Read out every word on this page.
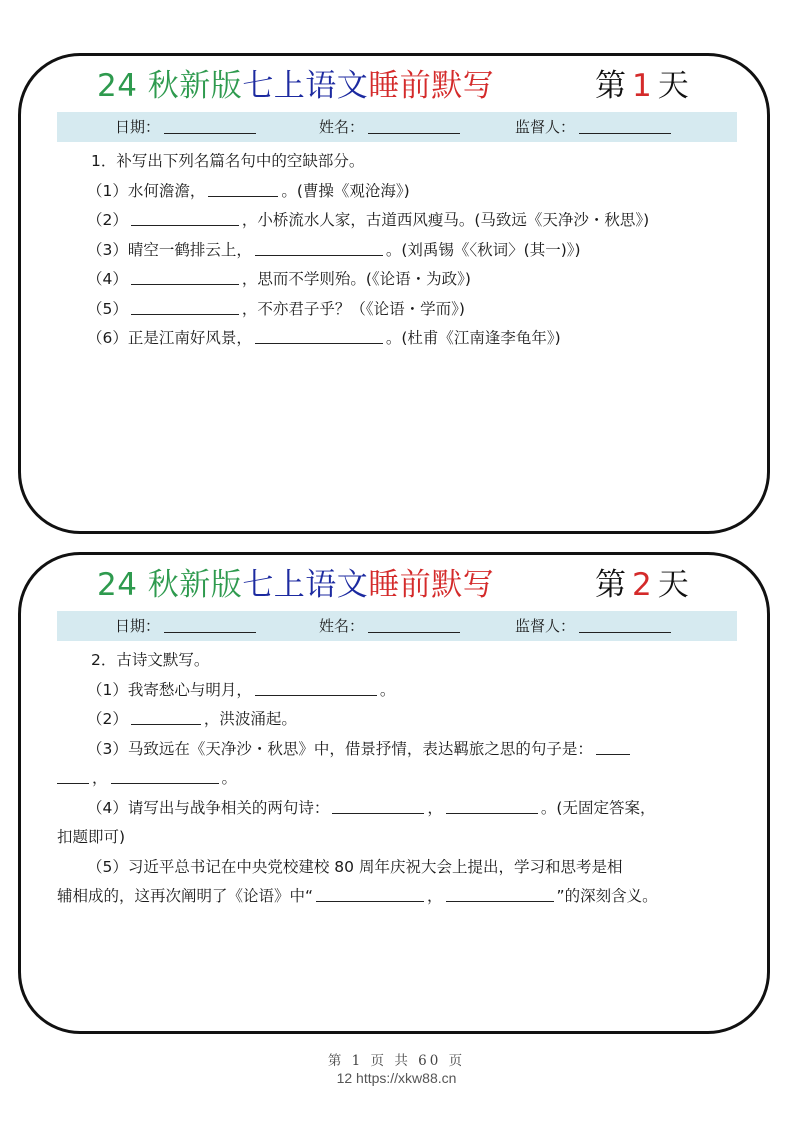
24 秋新版七上语文睡前默写	第 1 天
日期：	姓名：	监督人：
1．补写出下列名篇名句中的空缺部分。
（1）水何澹澹，	。(曹操《观沧海》)
（2）	，小桥流水人家，古道西风瘦马。(马致远《天净沙・秋思》)
（3）晴空一鹤排云上，	。(刘禹锡《〈秋词〉(其一)》)
（4）	，思而不学则殆。(《论语・为政》)
（5）	，不亦君子乎？（《论语・学而》)
（6）正是江南好风景，	。(杜甫《江南逢李龟年》)
24 秋新版七上语文睡前默写	第 2 天
日期：	姓名：	监督人：
2．古诗文默写。
（1）我寄愁心与明月，	。
（2）	，洪波涌起。
（3）马致远在《天净沙・秋思》中，借景抒情，表达羁旅之思的句子是：
，	。
（4）请写出与战争相关的两句诗：	，	。(无固定答案，
扣题即可)
（5）习近平总书记在中央党校建校 80 周年庆祝大会上提出，学习和思考是相
辅相成的，这再次阐明了《论语》中“	，	”的深刻含义。
第 1 页 共 60 页
12 https://xkw88.cn
